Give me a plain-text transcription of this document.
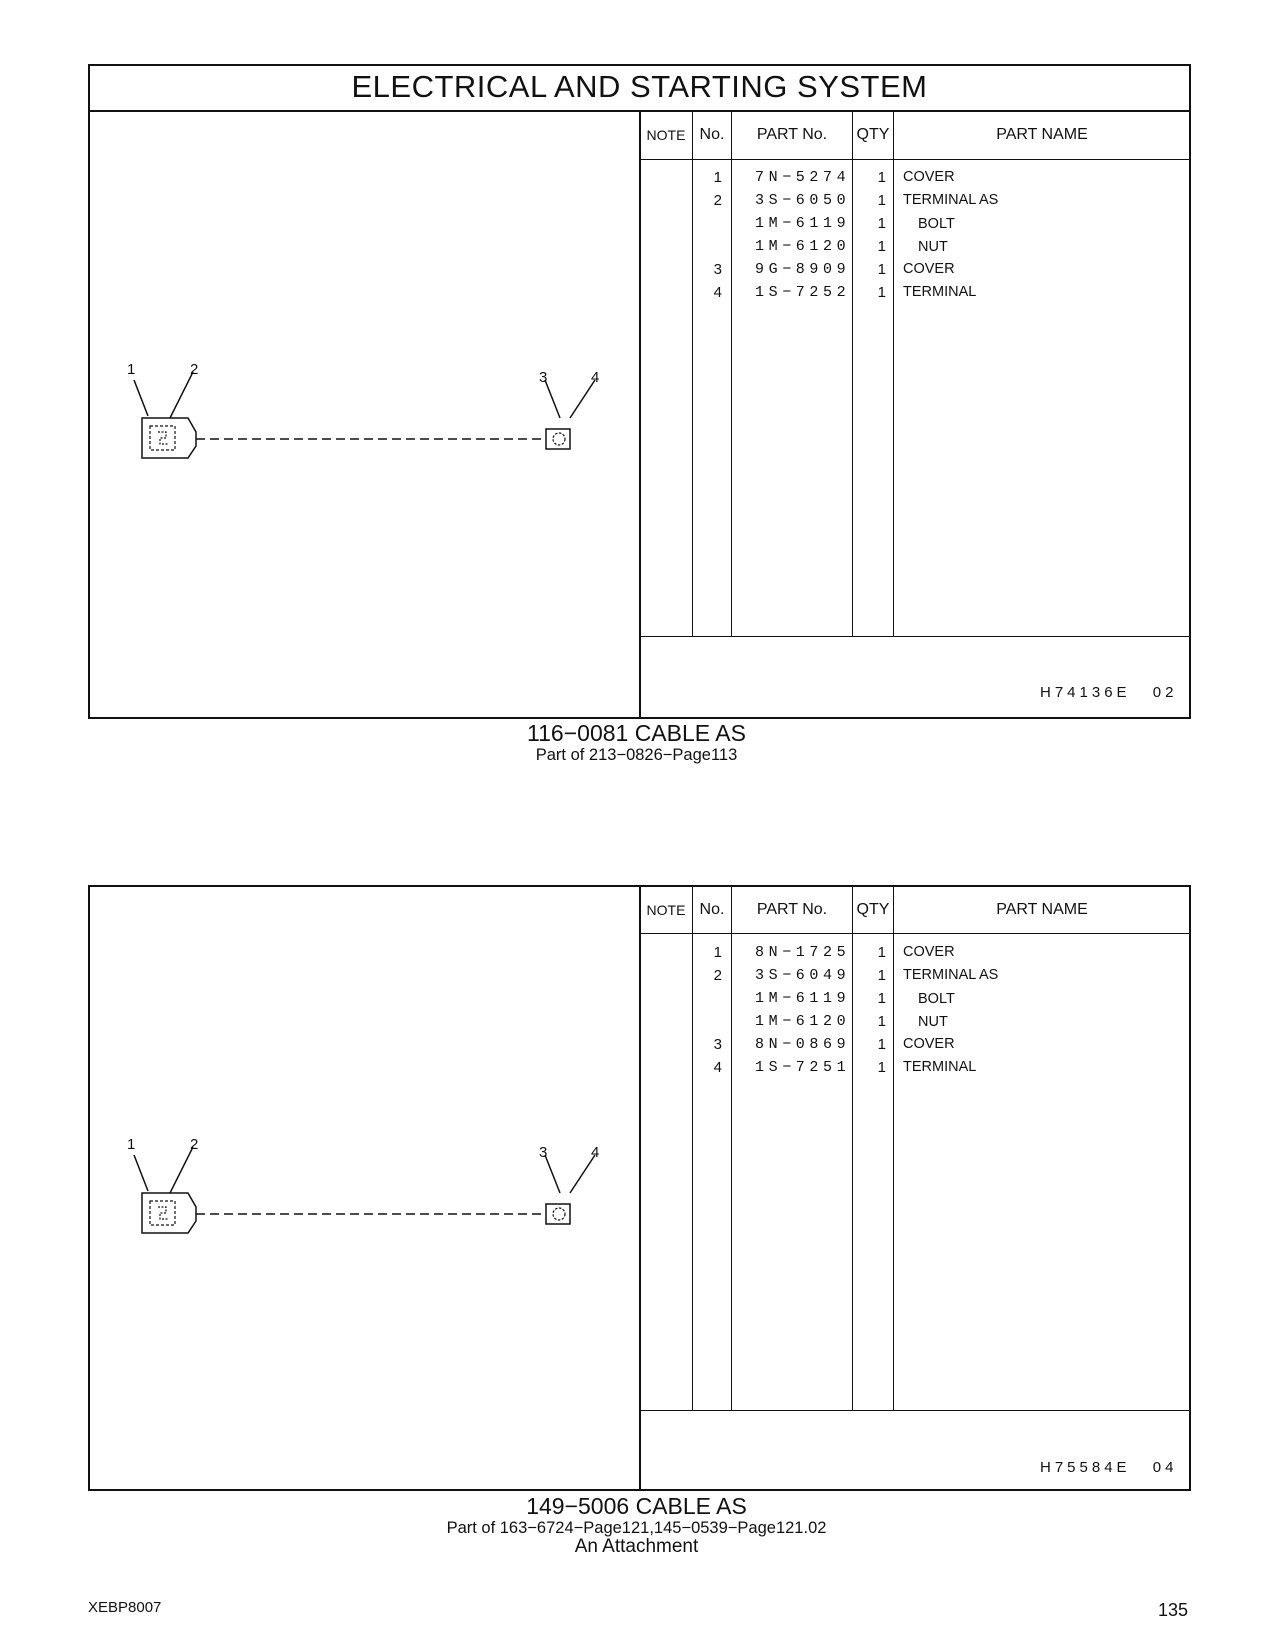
ELECTRICAL AND STARTING SYSTEM
NOTE No.	PART No.	QTY	PART NAME
1 7N−5274	1 COVER
2 3S−6050	1 TERMINAL AS
1M−6119	1 BOLT
1M−6120	1 NUT
3 9G−8909	1 COVER
4 1S−7252	1 TERMINAL
H74136E 02
1	2	3	4
116−0081 CABLE AS
Part of 213−0826−Page113
NOTE No.	PART No.	QTY	PART NAME
1 8N−1725	1 COVER
2 3S−6049	1 TERMINAL AS
1M−6119	1 BOLT
1M−6120	1 NUT
3 8N−0869	1 COVER
4 1S−7251	1 TERMINAL
H75584E 04
1	2	3	4
149−5006 CABLE AS
Part of 163−6724−Page121,145−0539−Page121.02
An Attachment
XEBP8007	135
